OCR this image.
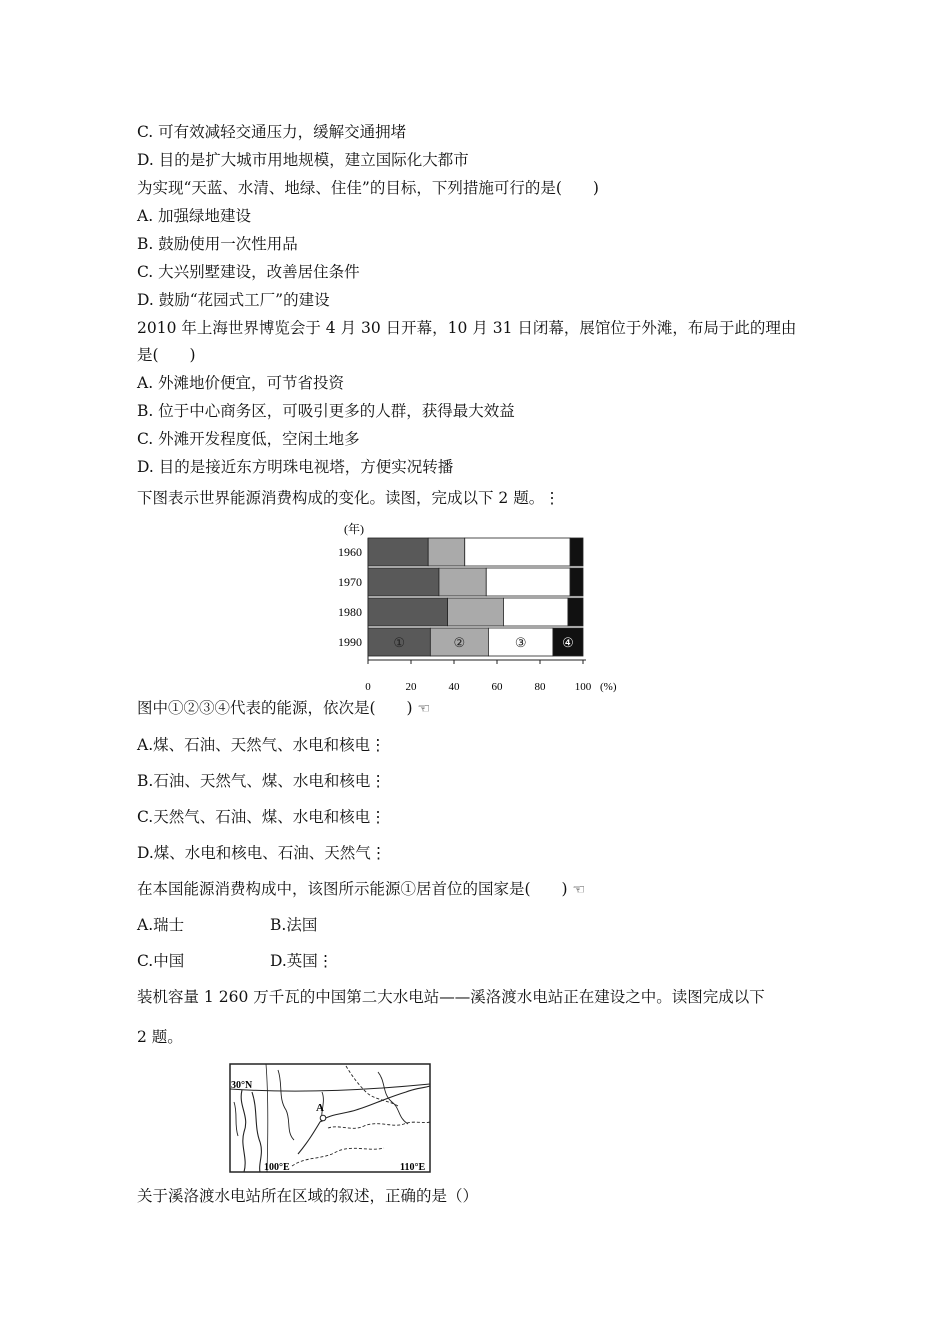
C. 可有效减轻交通压力，缓解交通拥堵
D. 目的是扩大城市用地规模，建立国际化大都市
为实现“天蓝、水清、地绿、住佳”的目标，下列措施可行的是(　　)
A. 加强绿地建设
B. 鼓励使用一次性用品
C. 大兴别墅建设，改善居住条件
D. 鼓励“花园式工厂”的建设
2010 年上海世界博览会于 4 月 30 日开幕，10 月 31 日闭幕，展馆位于外滩，布局于此的理由
是(　　)
A. 外滩地价便宜，可节省投资
B. 位于中心商务区，可吸引更多的人群，获得最大效益
C. 外滩开发程度低，空闲土地多
D. 目的是接近东方明珠电视塔，方便实况转播
下图表示世界能源消费构成的变化。读图，完成以下 2 题。⋮
(年)
①	②	③	④
1960
1970
1980
1990
0	20	40	60	80	100 (%)
图中①②③④代表的能源，依次是(　　) ☜
A.煤、石油、天然气、水电和核电⋮
B.石油、天然气、煤、水电和核电⋮
C.天然气、石油、煤、水电和核电⋮
D.煤、水电和核电、石油、天然气⋮
在本国能源消费构成中，该图所示能源①居首位的国家是(　　) ☜
A.瑞士	B.法国
C.中国	D.英国⋮
装机容量 1 260 万千瓦的中国第二大水电站——溪洛渡水电站正在建设之中。读图完成以下
2 题。
30°N
A
100°E	110°E
关于溪洛渡水电站所在区域的叙述，正确的是（）
